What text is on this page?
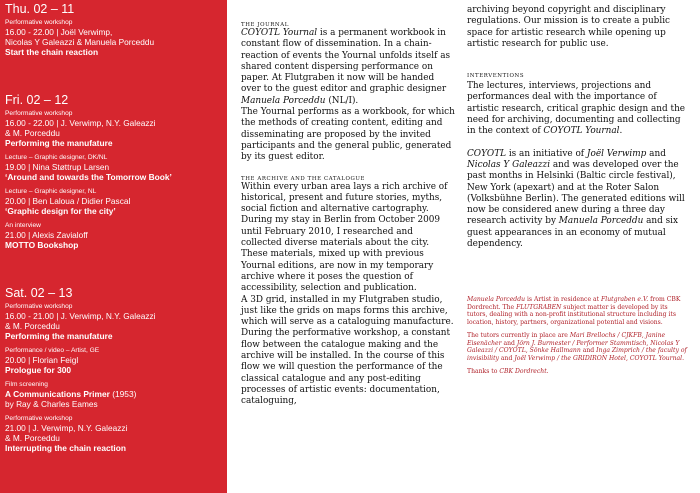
Thu. 02 – 11
Performative workshop
16.00 - 22.00 | Joël Verwimp,
Nicolas Y Galeazzi & Manuela Porceddu
Start the chain reaction
Fri. 02 – 12
Performative workshop
16.00 - 22.00 | J. Verwimp, N.Y. Galeazzi
& M. Porceddu
Performing the manufature
Lecture – Graphic designer, DK/NL
19.00 | Nina Støttrup Larsen
‘Around and towards the Tomorrow Book’
Lecture – Graphic designer, NL
20.00 | Ben Laloua / Didier Pascal
‘Graphic design for the city’
An interview
21.00 | Alexis Zavialoff
MOTTO Bookshop
Sat. 02 – 13
Performative workshop
16.00 - 21.00 | J. Verwimp, N.Y. Galeazzi
& M. Porceddu
Performing the manufature
Performance / video – Artist, GE
20.00 | Florian Feigl
Prologue for 300
Film screening
A Communications Primer (1953)
by Ray & Charles Eames
Performative workshop
21.00 | J. Verwimp, N.Y. Galeazzi
& M. Porceddu
Interrupting the chain reaction
THE JOURNAL
COYOTL Yournal is a permanent workbook in constant flow of dissemination. In a chain-reaction of events the Yournal unfolds itself as shared content dispersing performance on paper. At Flutgraben it now will be handed over to the guest editor and graphic designer Manuela Porceddu (NL/I).
The Yournal performs as a workbook, for which the methods of creating content, editing and disseminating are proposed by the invited participants and the general public, generated by its guest editor.
THE ARCHIVE AND THE CATALOGUE
Within every urban area lays a rich archive of historical, present and future stories, myths, social fiction and alternative cartography. During my stay in Berlin from October 2009 until February 2010, I researched and collected diverse materials about the city. These materials, mixed up with previous Yournal editions, are now in my temporary archive where it poses the question of accessibility, selection and publication.
A 3D grid, installed in my Flutgraben studio, just like the grids on maps forms this archive, which will serve as a cataloguing manufacture. During the performative workshop, a constant flow between the catalogue making and the archive will be installed. In the course of this flow we will question the performance of the classical catalogue and any post-editing processes of artistic events: documentation, cataloguing,
archiving beyond copyright and disciplinary regulations. Our mission is to create a public space for artistic research while opening up artistic research for public use.
INTERVENTIONS
The lectures, interviews, projections and performances deal with the importance of artistic research, critical graphic design and the need for archiving, documenting and collecting in the context of COYOTL Yournal.
COYOTL is an initiative of Joël Verwimp and Nicolas Y Galeazzi and was developed over the past months in Helsinki (Baltic circle festival), New York (apexart) and at the Roter Salon (Volksbühne Berlin). The generated editions will now be considered anew during a three day research activity by Manuela Porceddu and six guest appearances in an economy of mutual dependency.
Manuela Porceddu is Artist in residence at Flutgraben e.V. from CBK Dordrecht. The FLUTGRABEN subject matter is developed by its tutors, dealing with a non-profit institutional structure including its location, history, partners, organizational potential and visions.
The tutors currently in place are Mari Brellochs / CJKFB, Janine Eisenächer and Jörn J. Burmester / Performer Stammtisch, Nicolas Y Galeazzi / COYOTL, Sönke Hallmann and Inga Zimprich / the faculty of invisibility and Joël Verwimp / the GRIDIRON Hotel, COYOTL Yournal.
Thanks to CBK Dordrecht.
